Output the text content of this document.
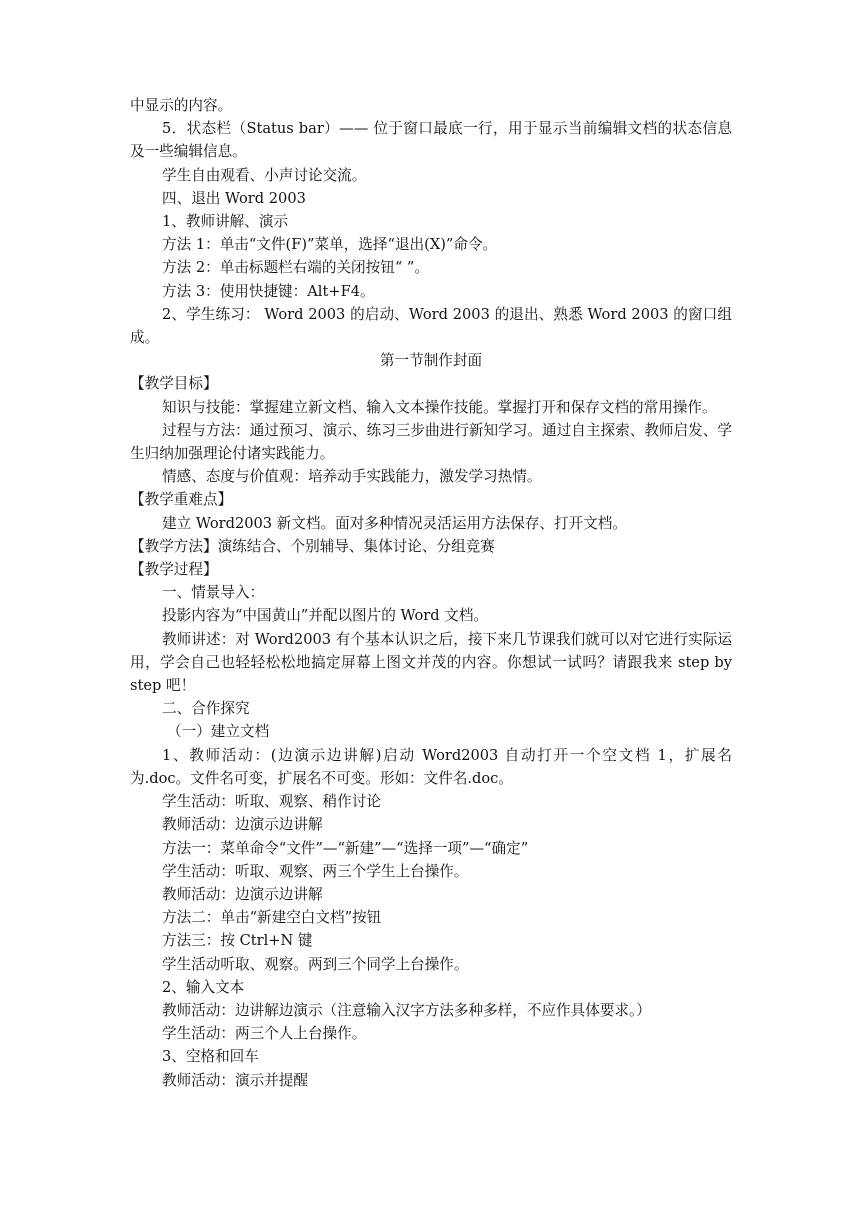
中显示的内容。

5．状态栏（Status bar）—— 位于窗口最底一行，用于显示当前编辑文档的状态信息及一些编辑信息。

学生自由观看、小声讨论交流。

四、退出 Word 2003

1、教师讲解、演示

方法 1：单击“文件(F)”菜单，选择“退出(X)”命令。

方法 2：单击标题栏右端的关闭按钮“ ”。

方法 3：使用快捷键：Alt+F4。

2、学生练习： Word 2003 的启动、Word 2003 的退出、熟悉 Word 2003 的窗口组成。

第一节制作封面

【教学目标】

知识与技能：掌握建立新文档、输入文本操作技能。掌握打开和保存文档的常用操作。

过程与方法：通过预习、演示、练习三步曲进行新知学习。通过自主探索、教师启发、学生归纳加强理论付诸实践能力。

情感、态度与价值观：培养动手实践能力，激发学习热情。

【教学重难点】

建立 Word2003 新文档。面对多种情况灵活运用方法保存、打开文档。

【教学方法】演练结合、个别辅导、集体讨论、分组竞赛

【教学过程】

一、情景导入：

投影内容为“中国黄山”并配以图片的 Word 文档。

教师讲述：对 Word2003 有个基本认识之后，接下来几节课我们就可以对它进行实际运用，学会自己也轻轻松松地搞定屏幕上图文并茂的内容。你想试一试吗？请跟我来 step by step 吧！

二、合作探究

（一）建立文档

1、教师活动：(边演示边讲解)启动 Word2003 自动打开一个空文档 1，扩展名为.doc。文件名可变，扩展名不可变。形如：文件名.doc。

学生活动：听取、观察、稍作讨论

教师活动：边演示边讲解

方法一：菜单命令“文件”—“新建”—“选择一项”—“确定”

学生活动：听取、观察、两三个学生上台操作。

教师活动：边演示边讲解

方法二：单击“新建空白文档”按钮

方法三：按 Ctrl+N 键

学生活动听取、观察。两到三个同学上台操作。

2、输入文本

教师活动：边讲解边演示（注意输入汉字方法多种多样，不应作具体要求。）

学生活动：两三个人上台操作。

3、空格和回车

教师活动：演示并提醒
